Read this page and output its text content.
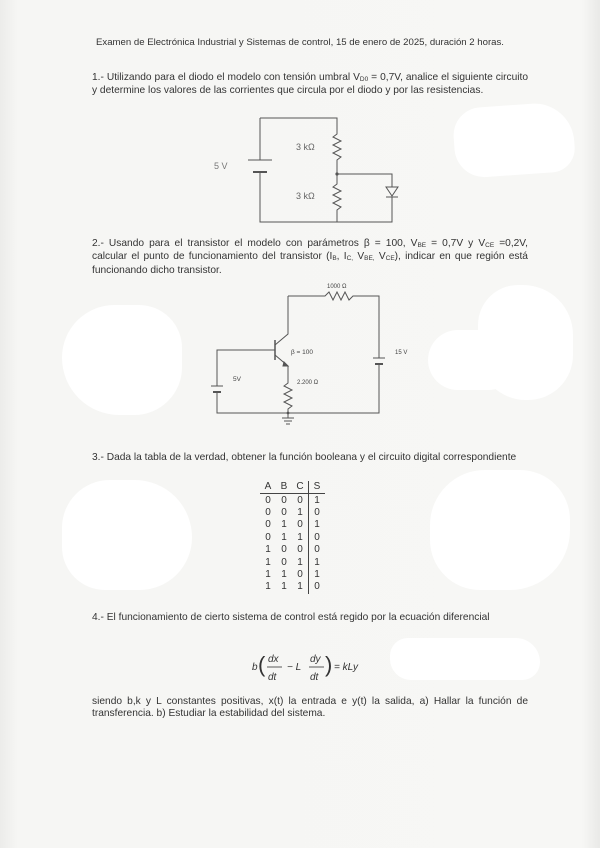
Examen de Electrónica Industrial y Sistemas de control, 15 de enero de 2025, duración 2 horas.
1.- Utilizando para el diodo el modelo con tensión umbral VD0 = 0,7V, analice el siguiente circuito y determine los valores de las corrientes que circula por el diodo y por las resistencias.
5 V
3 kΩ
3 kΩ
2.- Usando para el transistor el modelo con parámetros β = 100, VBE = 0,7V y VCE =0,2V, calcular el punto de funcionamiento del transistor (IB, IC, VBE, VCE), indicar en que región está funcionando dicho transistor.
1000 Ω
β = 100
5V	2.200 Ω
15 V
3.- Dada la tabla de la verdad, obtener la función booleana y el circuito digital correspondiente
A	B	C	S
0	0	0	1
0	0	1	0
0	1	0	1
0	1	1	0
1	0	0	0
1	0	1	1
1	1	0	1
1	1	1	0
4.- El funcionamiento de cierto sistema de control está regido por la ecuación diferencial
b ( dx
dt
− L
dy
dt
) = kLy
siendo b,k y L constantes positivas, x(t) la entrada e y(t) la salida, a) Hallar la función de transferencia. b) Estudiar la estabilidad del sistema.
